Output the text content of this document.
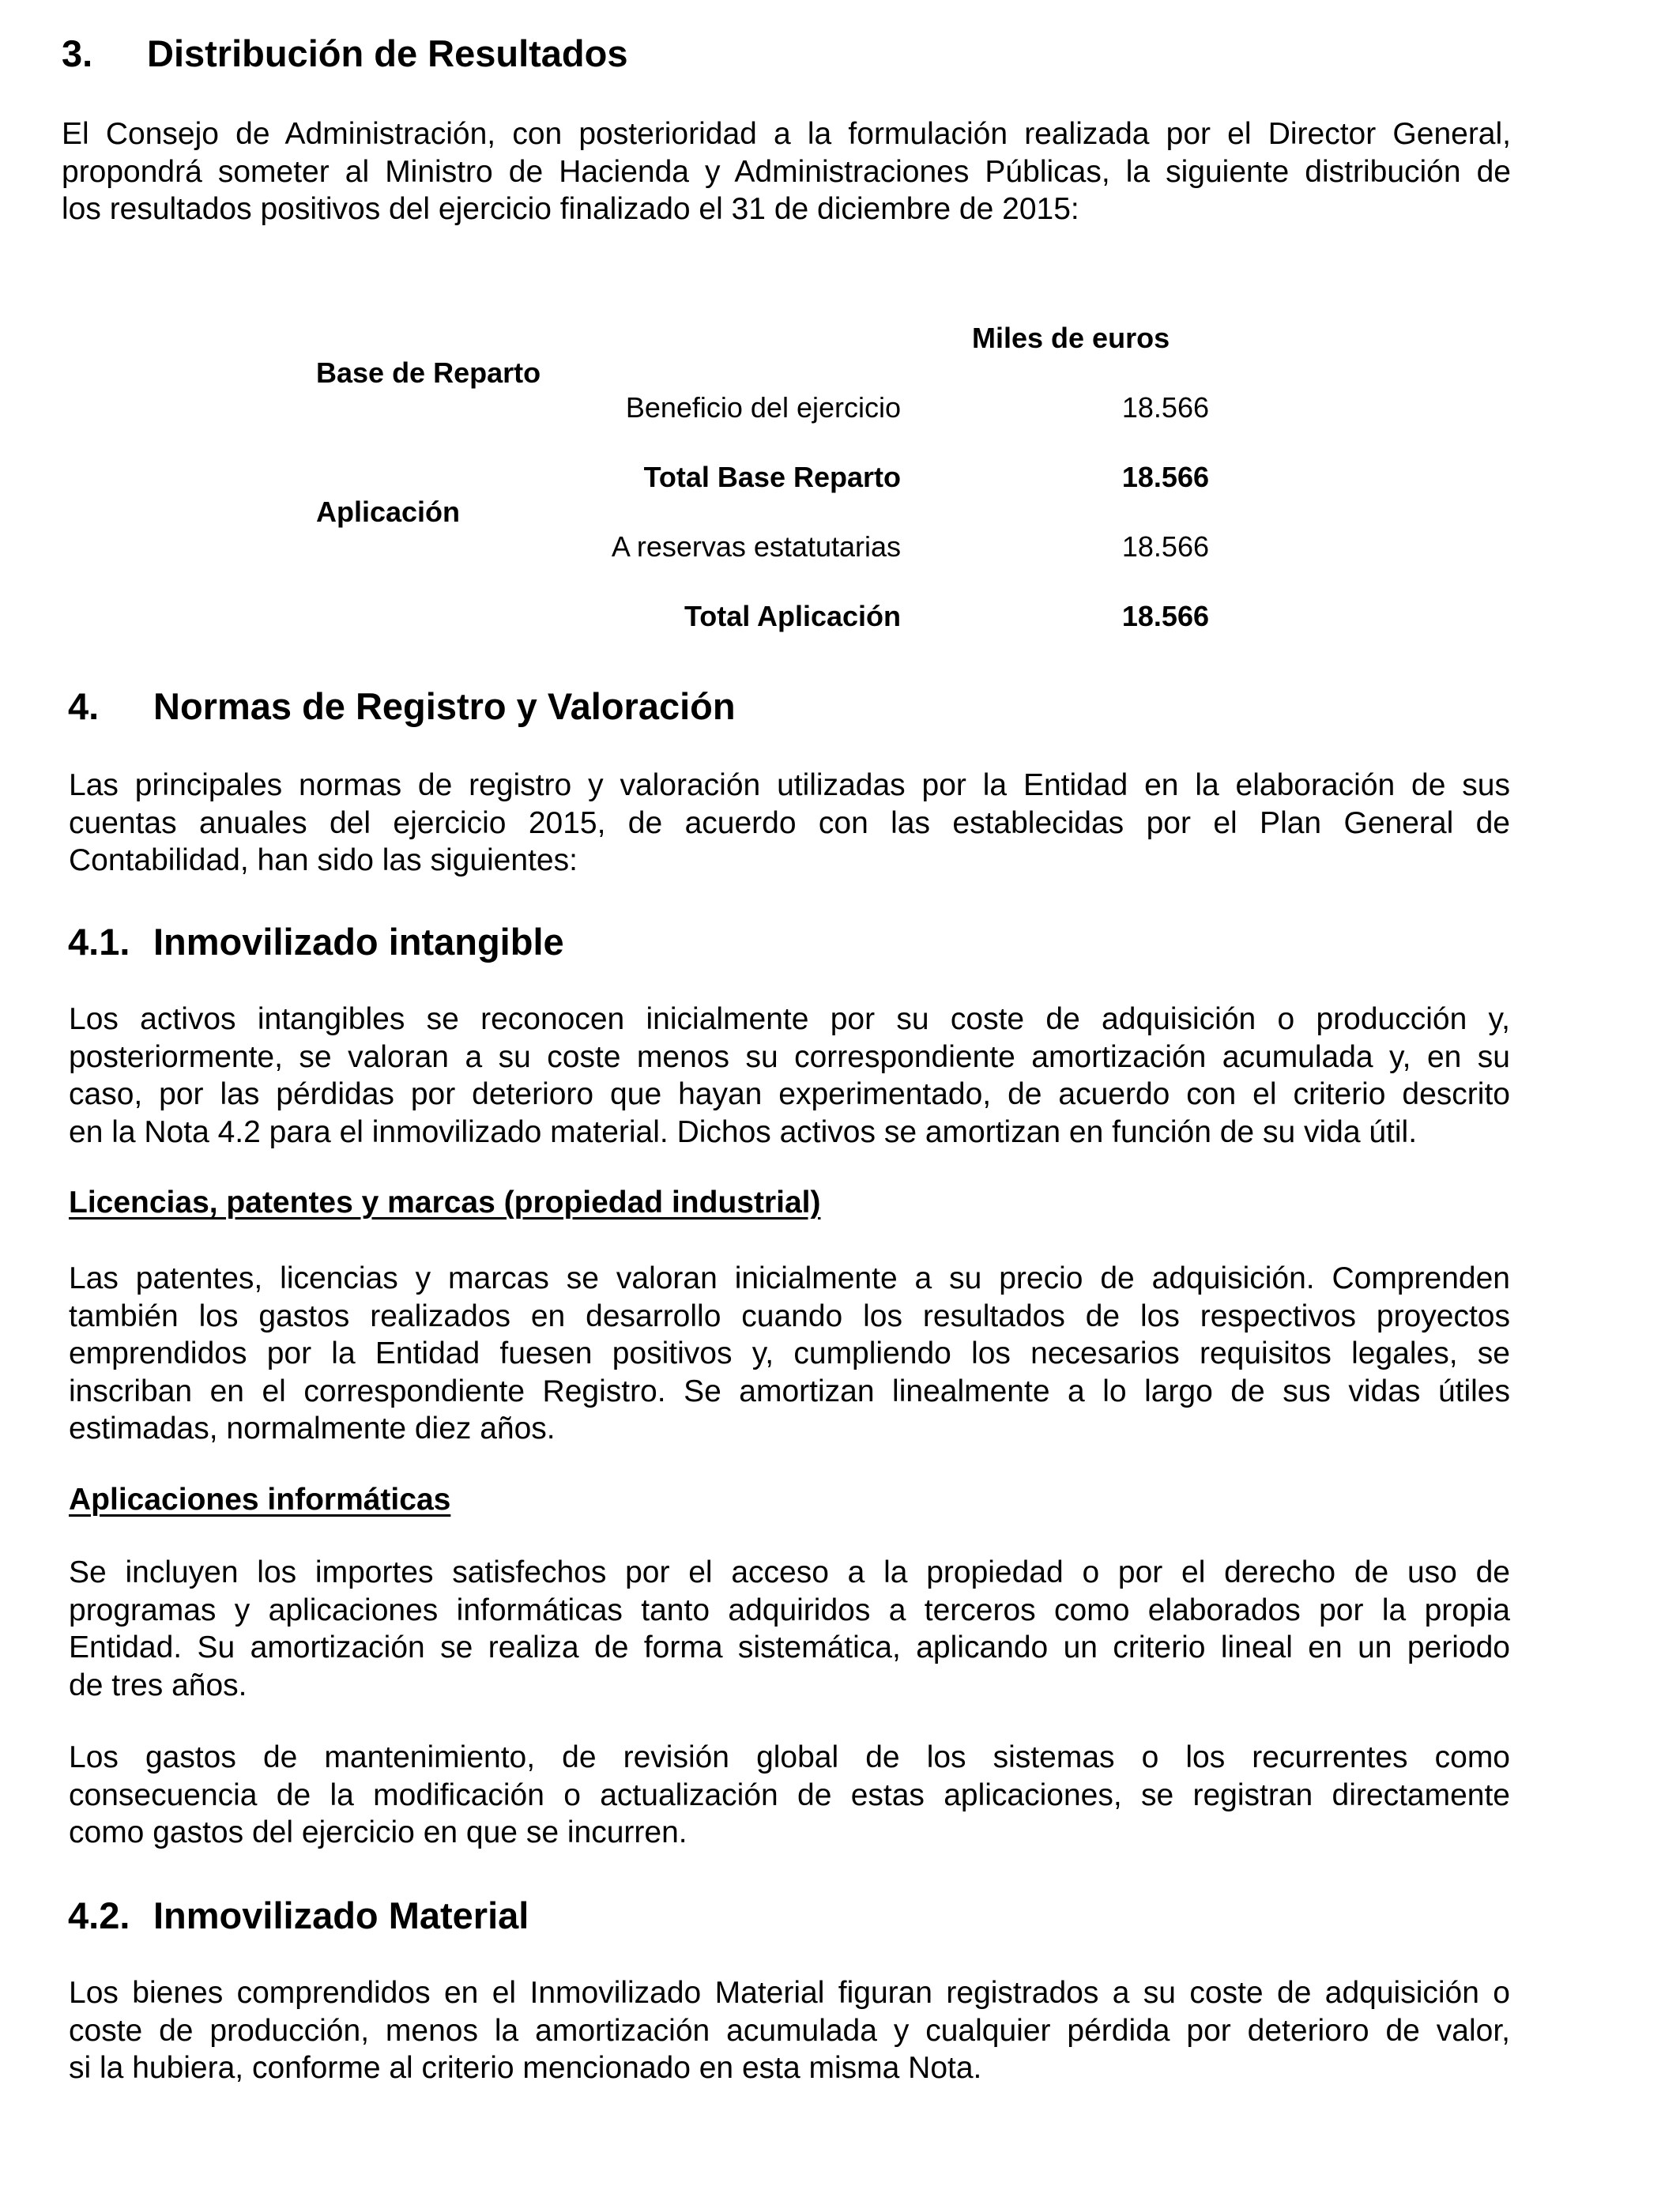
3. Distribución de Resultados
El Consejo de Administración, con posterioridad a la formulación realizada por el Director General,
propondrá someter al Ministro de Hacienda y Administraciones Públicas, la siguiente distribución de
los resultados positivos del ejercicio finalizado el 31 de diciembre de 2015:
Miles de euros
Base de Reparto
Beneficio del ejercicio	18.566
Total Base Reparto	18.566
Aplicación
A reservas estatutarias	18.566
Total Aplicación	18.566
4. Normas de Registro y Valoración
Las principales normas de registro y valoración utilizadas por la Entidad en la elaboración de sus
cuentas anuales del ejercicio 2015, de acuerdo con las establecidas por el Plan General de
Contabilidad, han sido las siguientes:
4.1. Inmovilizado intangible
Los activos intangibles se reconocen inicialmente por su coste de adquisición o producción y,
posteriormente, se valoran a su coste menos su correspondiente amortización acumulada y, en su
caso, por las pérdidas por deterioro que hayan experimentado, de acuerdo con el criterio descrito
en la Nota 4.2 para el inmovilizado material. Dichos activos se amortizan en función de su vida útil.
Licencias, patentes y marcas (propiedad industrial)
Las patentes, licencias y marcas se valoran inicialmente a su precio de adquisición. Comprenden
también los gastos realizados en desarrollo cuando los resultados de los respectivos proyectos
emprendidos por la Entidad fuesen positivos y, cumpliendo los necesarios requisitos legales, se
inscriban en el correspondiente Registro. Se amortizan linealmente a lo largo de sus vidas útiles
estimadas, normalmente diez años.
Aplicaciones informáticas
Se incluyen los importes satisfechos por el acceso a la propiedad o por el derecho de uso de
programas y aplicaciones informáticas tanto adquiridos a terceros como elaborados por la propia
Entidad. Su amortización se realiza de forma sistemática, aplicando un criterio lineal en un periodo
de tres años.
Los gastos de mantenimiento, de revisión global de los sistemas o los recurrentes como
consecuencia de la modificación o actualización de estas aplicaciones, se registran directamente
como gastos del ejercicio en que se incurren.
4.2. Inmovilizado Material
Los bienes comprendidos en el Inmovilizado Material figuran registrados a su coste de adquisición o
coste de producción, menos la amortización acumulada y cualquier pérdida por deterioro de valor,
si la hubiera, conforme al criterio mencionado en esta misma Nota.
